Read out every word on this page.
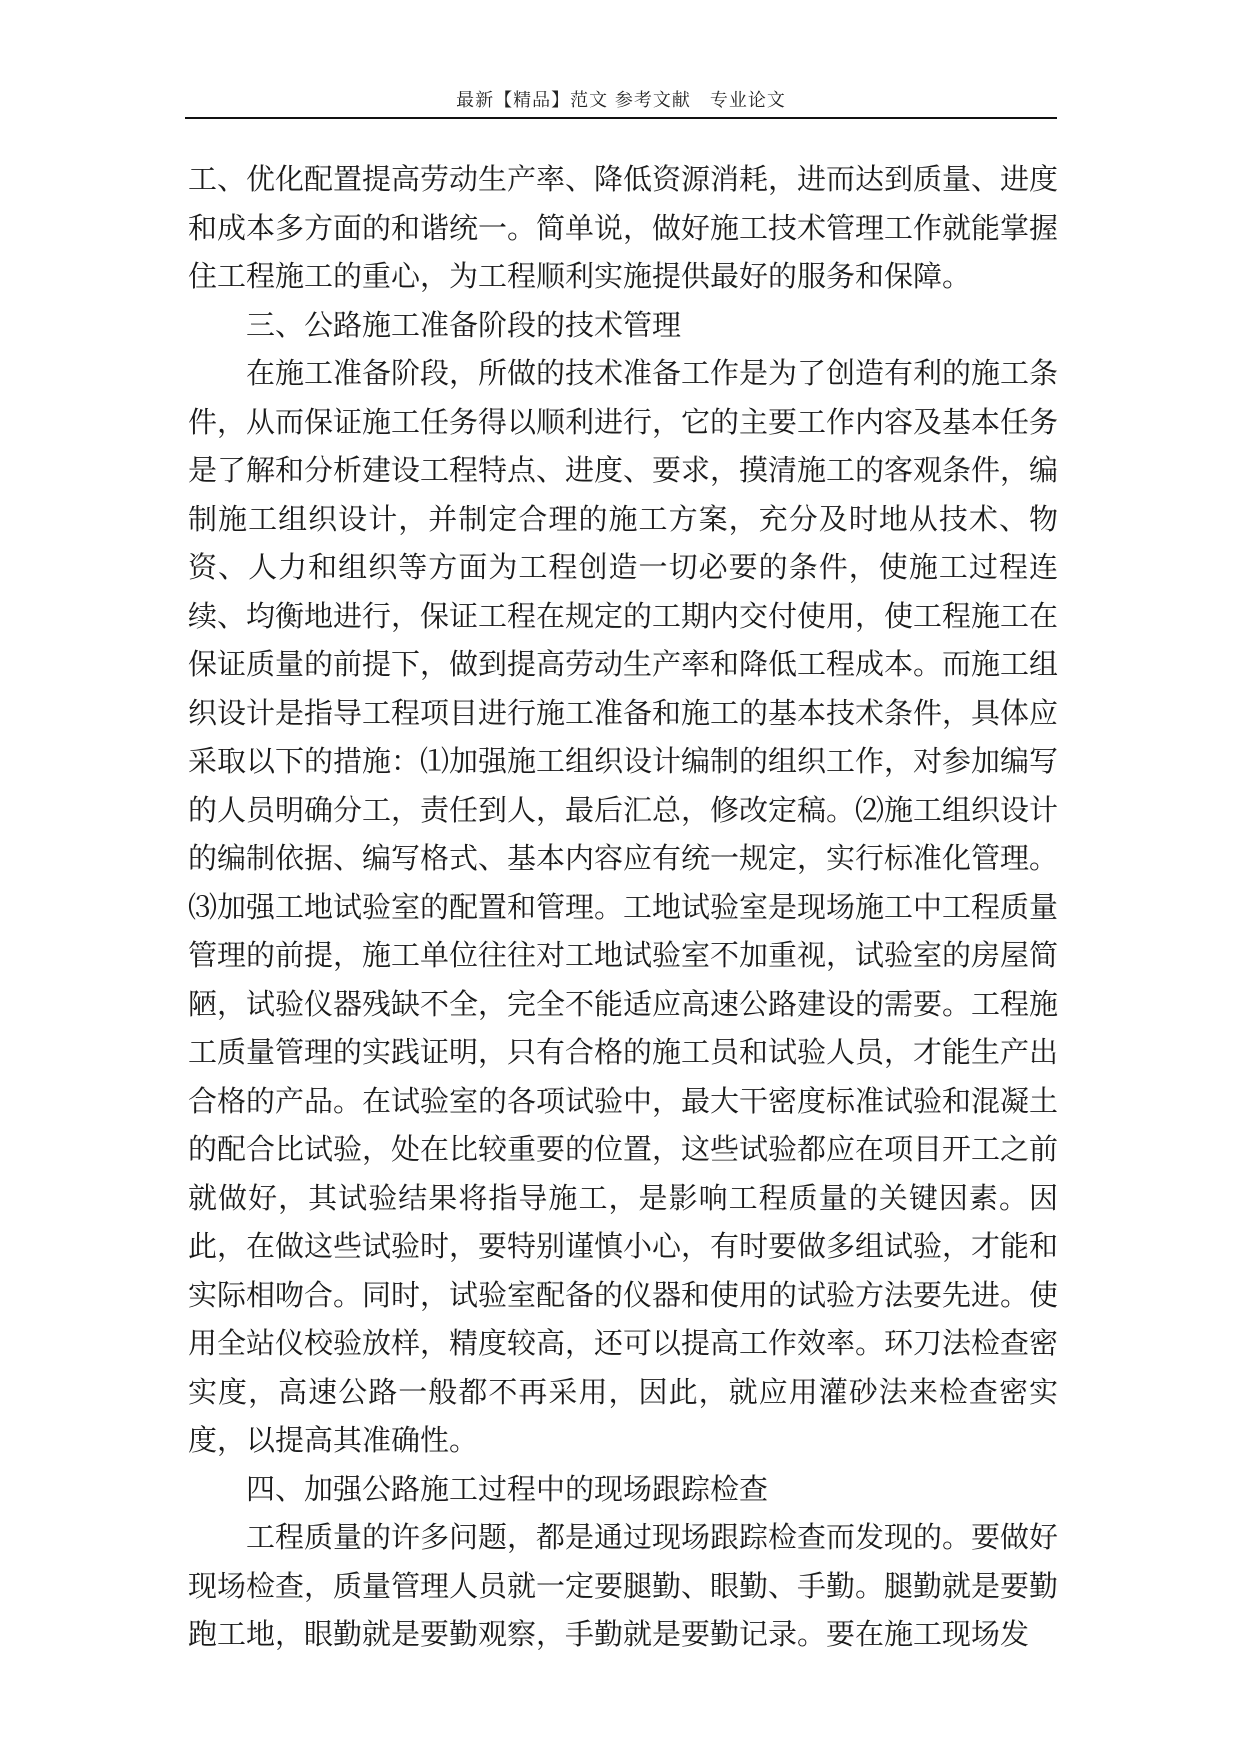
最新【精品】范文 参考文献　专业论文

工、优化配置提高劳动生产率、降低资源消耗，进而达到质量、进度和成本多方面的和谐统一。简单说，做好施工技术管理工作就能掌握住工程施工的重心，为工程顺利实施提供最好的服务和保障。

三、公路施工准备阶段的技术管理

在施工准备阶段，所做的技术准备工作是为了创造有利的施工条件，从而保证施工任务得以顺利进行，它的主要工作内容及基本任务是了解和分析建设工程特点、进度、要求，摸清施工的客观条件，编制施工组织设计，并制定合理的施工方案，充分及时地从技术、物资、人力和组织等方面为工程创造一切必要的条件，使施工过程连续、均衡地进行，保证工程在规定的工期内交付使用，使工程施工在保证质量的前提下，做到提高劳动生产率和降低工程成本。而施工组织设计是指导工程项目进行施工准备和施工的基本技术条件，具体应采取以下的措施：⑴加强施工组织设计编制的组织工作，对参加编写的人员明确分工，责任到人，最后汇总，修改定稿。⑵施工组织设计的编制依据、编写格式、基本内容应有统一规定，实行标准化管理。⑶加强工地试验室的配置和管理。工地试验室是现场施工中工程质量管理的前提，施工单位往往对工地试验室不加重视，试验室的房屋简陋，试验仪器残缺不全，完全不能适应高速公路建设的需要。工程施工质量管理的实践证明，只有合格的施工员和试验人员，才能生产出合格的产品。在试验室的各项试验中，最大干密度标准试验和混凝土的配合比试验，处在比较重要的位置，这些试验都应在项目开工之前就做好，其试验结果将指导施工，是影响工程质量的关键因素。因此，在做这些试验时，要特别谨慎小心，有时要做多组试验，才能和实际相吻合。同时，试验室配备的仪器和使用的试验方法要先进。使用全站仪校验放样，精度较高，还可以提高工作效率。环刀法检查密实度，高速公路一般都不再采用，因此，就应用灌砂法来检查密实度，以提高其准确性。

四、加强公路施工过程中的现场跟踪检查

工程质量的许多问题，都是通过现场跟踪检查而发现的。要做好现场检查，质量管理人员就一定要腿勤、眼勤、手勤。腿勤就是要勤跑工地，眼勤就是要勤观察，手勤就是要勤记录。要在施工现场发
